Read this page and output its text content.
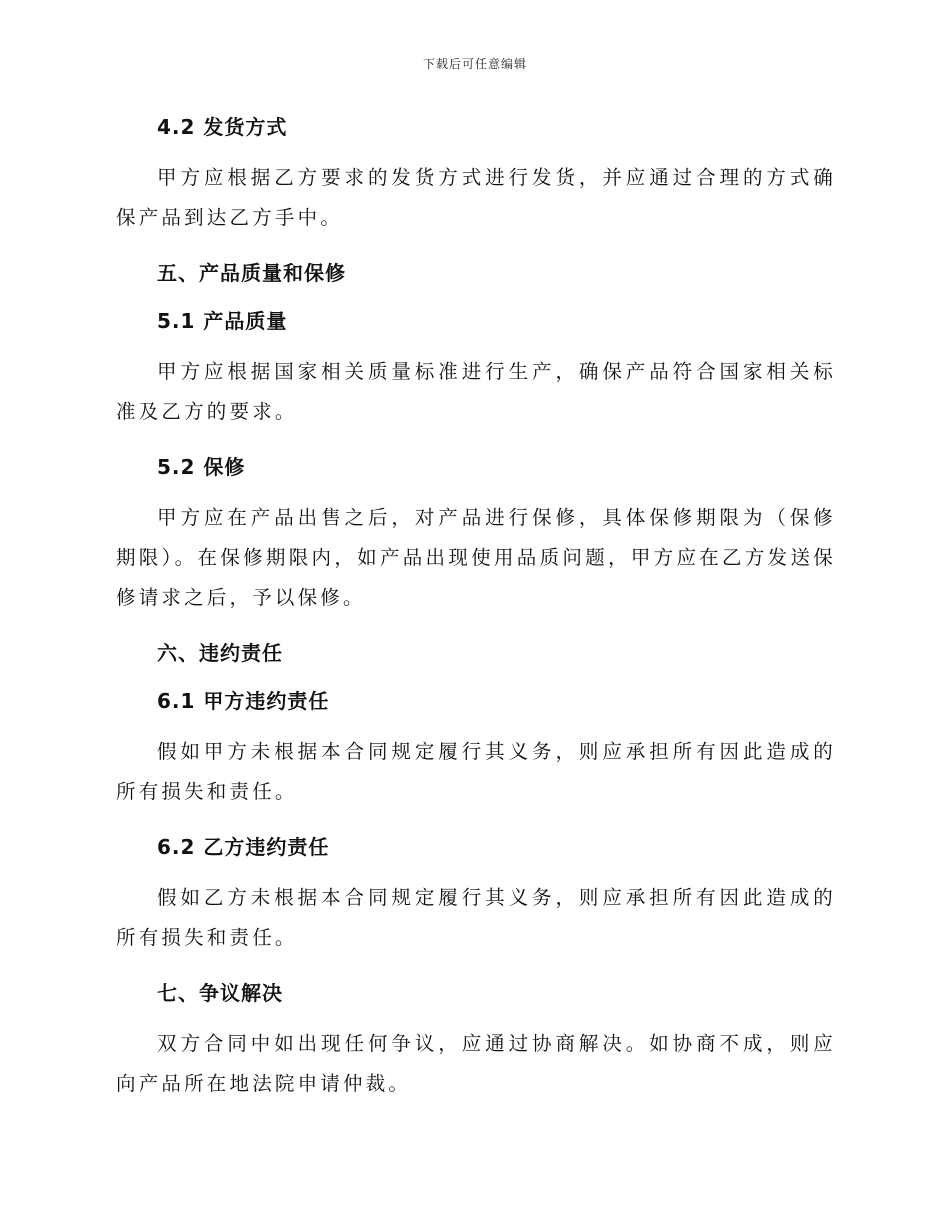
下载后可任意编辑

4.2 发货方式

甲方应根据乙方要求的发货方式进行发货，并应通过合理的方式确保产品到达乙方手中。

五、产品质量和保修

5.1 产品质量

甲方应根据国家相关质量标准进行生产，确保产品符合国家相关标准及乙方的要求。

5.2 保修

甲方应在产品出售之后，对产品进行保修，具体保修期限为（保修期限）。在保修期限内，如产品出现使用品质问题，甲方应在乙方发送保修请求之后，予以保修。

六、违约责任

6.1 甲方违约责任

假如甲方未根据本合同规定履行其义务，则应承担所有因此造成的所有损失和责任。

6.2 乙方违约责任

假如乙方未根据本合同规定履行其义务，则应承担所有因此造成的所有损失和责任。

七、争议解决

双方合同中如出现任何争议，应通过协商解决。如协商不成，则应向产品所在地法院申请仲裁。
